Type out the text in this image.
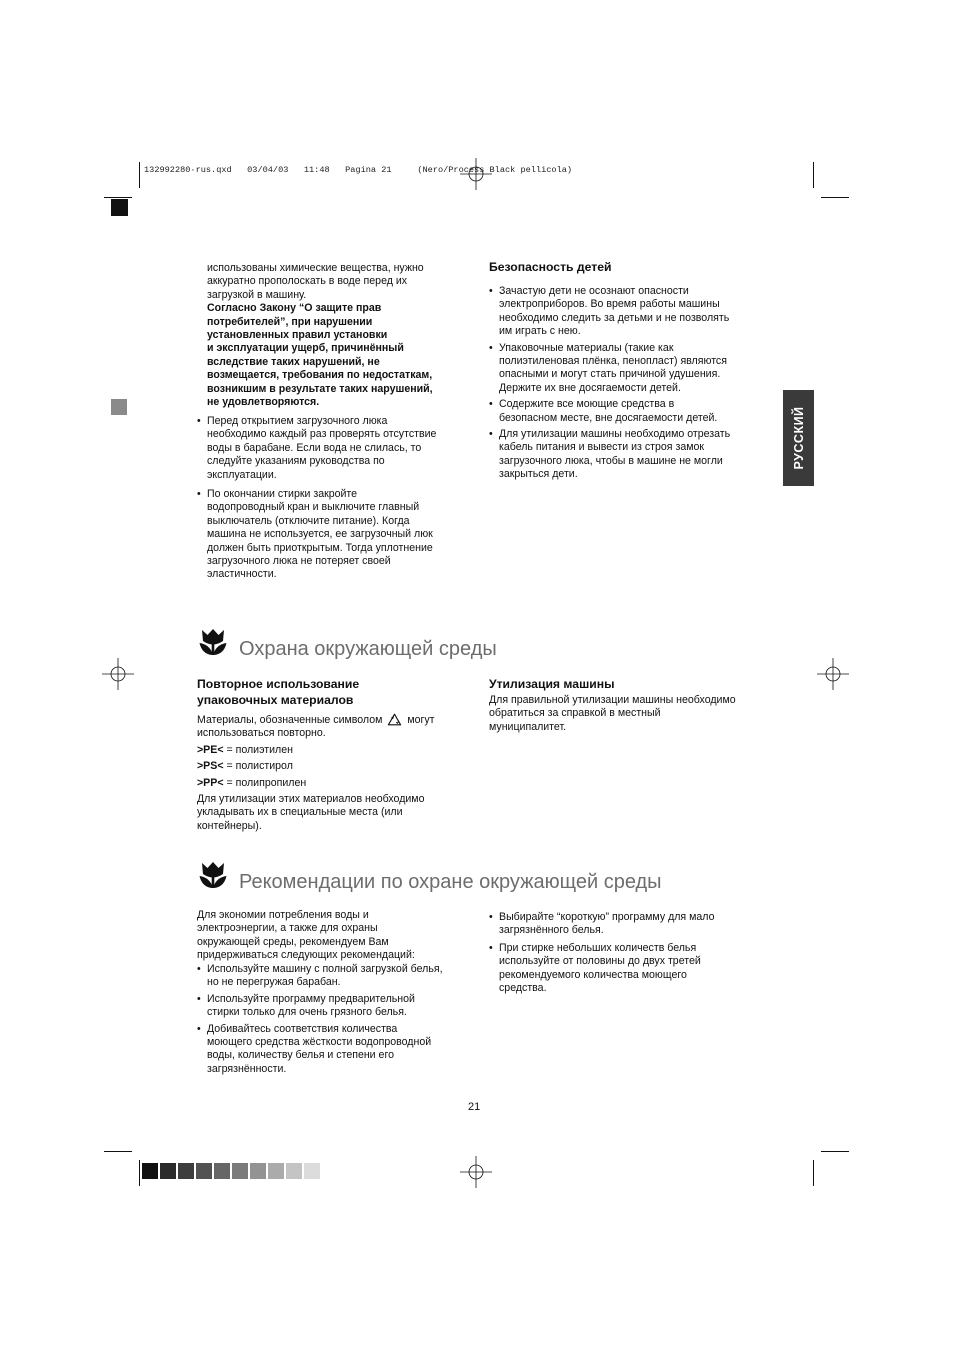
132992280·rus.qxd   03/04/03   11:48   Pagina 21     (Nero/Process Black pellicola)
РУССКИЙ
использованы химические вещества, нужно
аккуратно прополоскать в воде перед их
загрузкой в машину.
Согласно Закону “О защите прав
потребителей”, при нарушении
установленных правил установки
и эксплуатации ущерб, причинённый
вследствие таких нарушений, не
возмещается, требования по недостаткам,
возникшим в результате таких нарушений,
не удовлетворяются.
• Перед открытием загрузочного люка
необходимо каждый раз проверять отсутствие
воды в барабане. Если вода не слилась, то
следуйте указаниям руководства по
эксплуатации.
• По окончании стирки закройте
водопроводный кран и выключите главный
выключатель (отключите питание). Когда
машина не используется, ее загрузочный люк
должен быть приоткрытым. Тогда уплотнение
загрузочного люка не потеряет своей
эластичности.
Безопасность детей
• Зачастую дети не осознают опасности
электроприборов. Во время работы машины
необходимо следить за детьми и не позволять
им играть с нею.
• Упаковочные материалы (такие как
полиэтиленовая плёнка, пенопласт) являются
опасными и могут стать причиной удушения.
Держите их вне досягаемости детей.
• Содержите все моющие средства в
безопасном месте, вне досягаемости детей.
• Для утилизации машины необходимо отрезать
кабель питания и вывести из строя замок
загрузочного люка, чтобы в машине не могли
закрыться дети.
Охрана окружающей среды
Повторное использование
упаковочных материалов
Материалы, обозначенные символом могут
использоваться повторно.
>PE< = полиэтилен
>PS< = полистирол
>PP< = полипропилен
Для утилизации этих материалов необходимо
укладывать их в специальные места (или
контейнеры).
Утилизация машины
Для правильной утилизации машины необходимо
обратиться за справкой в местный
муниципалитет.
Рекомендации по охране окружающей среды
Для экономии потребления воды и
электроэнергии, а также для охраны
окружающей среды, рекомендуем Вам
придерживаться следующих рекомендаций:
• Используйте машину с полной загрузкой белья,
но не перегружая барабан.
• Используйте программу предварительной
стирки только для очень грязного белья.
• Добивайтесь соответствия количества
моющего средства жёсткости водопроводной
воды, количеству белья и степени его
загрязнённости.
• Выбирайте “короткую” программу для мало
загрязнённого белья.
• При стирке небольших количеств белья
используйте от половины до двух третей
рекомендуемого количества моющего
средства.
21
